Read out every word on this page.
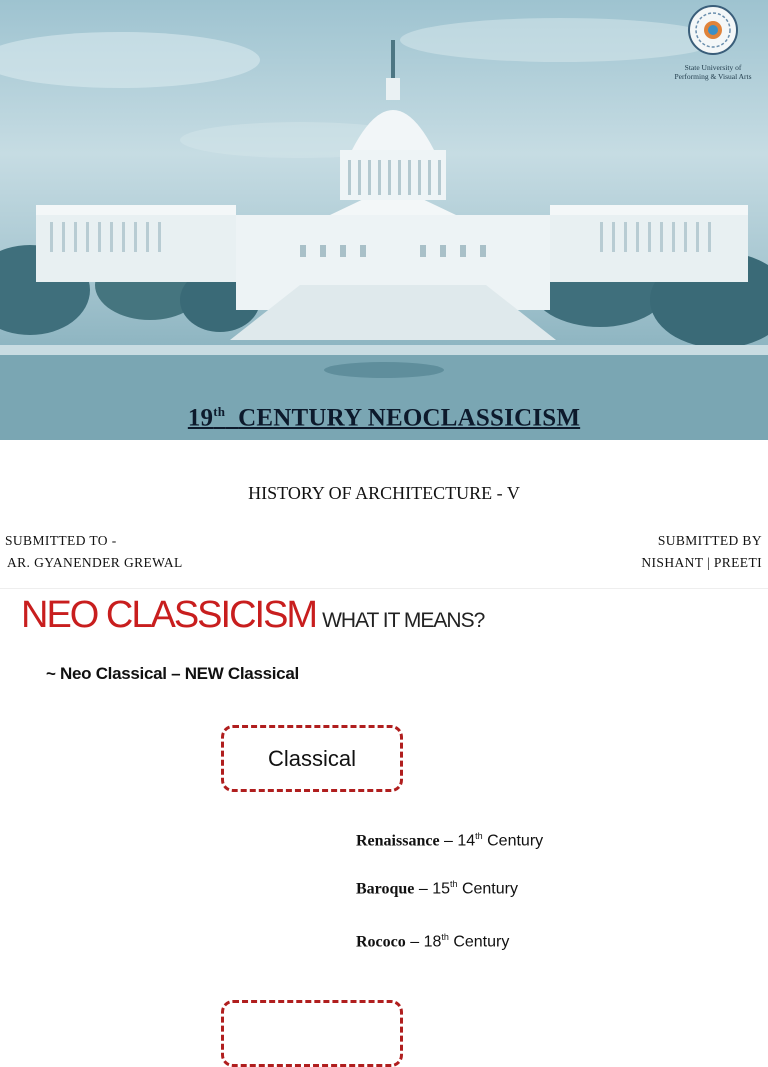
State University of
Performing & Visual Arts
19th CENTURY NEOCLASSICISM
HISTORY OF ARCHITECTURE - V
SUBMITTED TO -
AR. GYANENDER GREWAL
SUBMITTED BY
NISHANT | PREETI
NEO CLASSICISM WHAT IT MEANS?
~ Neo Classical – NEW Classical
Classical
Renaissance – 14th Century
Baroque – 15th Century
Rococo – 18th Century
